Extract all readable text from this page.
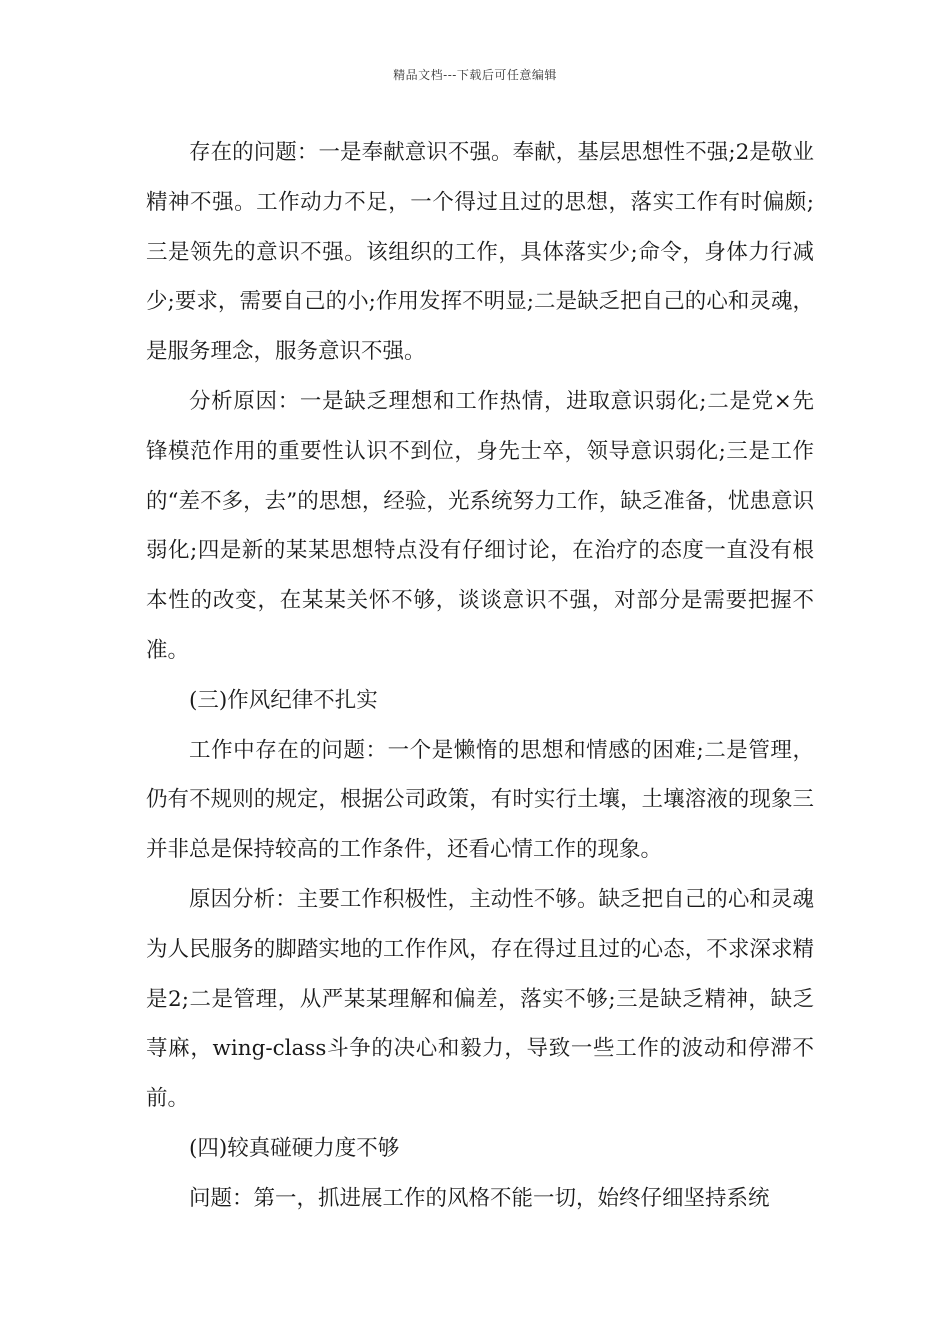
精品文档---下载后可任意编辑

存在的问题：一是奉献意识不强。奉献，基层思想性不强;2是敬业精神不强。工作动力不足，一个得过且过的思想，落实工作有时偏颇;三是领先的意识不强。该组织的工作，具体落实少;命令，身体力行减少;要求，需要自己的小;作用发挥不明显;二是缺乏把自己的心和灵魂，是服务理念，服务意识不强。

分析原因：一是缺乏理想和工作热情，进取意识弱化;二是党×先锋模范作用的重要性认识不到位，身先士卒，领导意识弱化;三是工作的“差不多，去”的思想，经验，光系统努力工作，缺乏准备，忧患意识弱化;四是新的某某思想特点没有仔细讨论，在治疗的态度一直没有根本性的改变，在某某关怀不够，谈谈意识不强，对部分是需要把握不准。

(三)作风纪律不扎实

工作中存在的问题：一个是懒惰的思想和情感的困难;二是管理，仍有不规则的规定，根据公司政策，有时实行土壤，土壤溶液的现象三并非总是保持较高的工作条件，还看心情工作的现象。

原因分析：主要工作积极性，主动性不够。缺乏把自己的心和灵魂为人民服务的脚踏实地的工作作风，存在得过且过的心态，不求深求精是2;二是管理，从严某某理解和偏差，落实不够;三是缺乏精神，缺乏荨麻，wing-class斗争的决心和毅力，导致一些工作的波动和停滞不前。

(四)较真碰硬力度不够

问题：第一，抓进展工作的风格不能一切，始终仔细坚持系统
